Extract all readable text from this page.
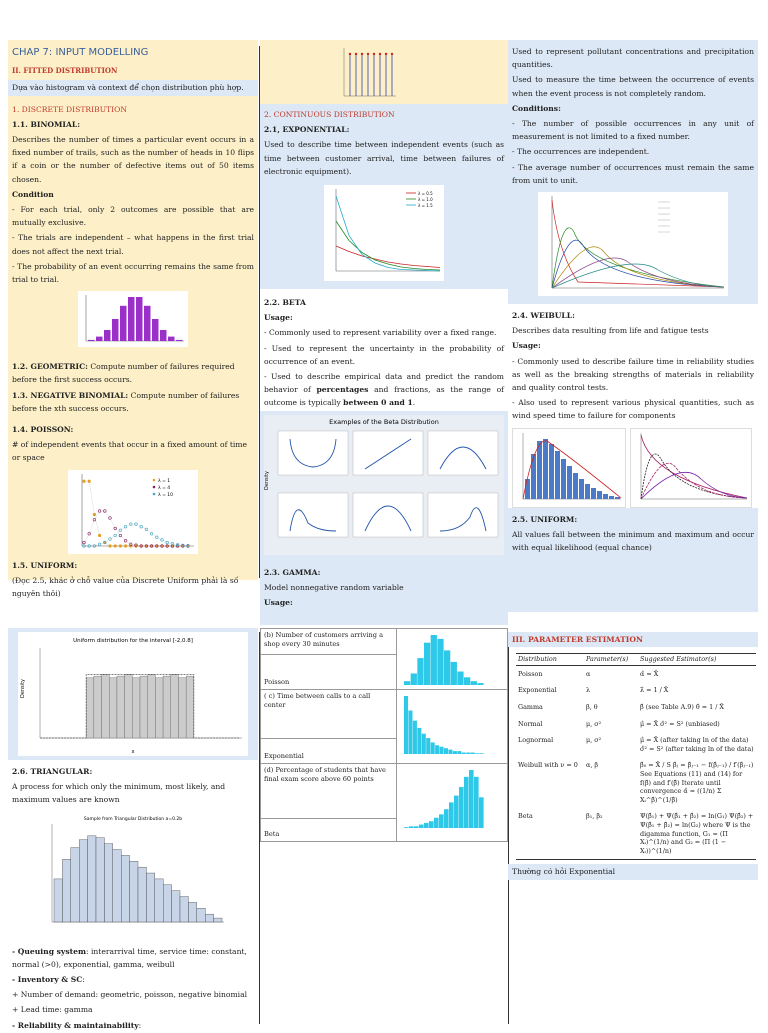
CHAP 7: INPUT MODELLING
II. FITTED DISTRIBUTION
Dựa vào histogram và context để chọn distribution phù hợp.
1. DISCRETE DISTRIBUTION
1.1. BINOMIAL:

Describes the number of times a particular event occurs in a fixed number of trails, such as the number of heads in 10 flips if a coin or the number of defective items out of 50 items chosen.

Condition

- For each trial, only 2 outcomes are possible that are mutually exclusive.

- The trials are independent – what happens in the first trial does not affect the next trial.

- The probability of an event occurring remains the same from trial to trial.

1.2. GEOMETRIC: Compute number of failures required before the first success occurs.
1.3. NEGATIVE BINOMIAL: Compute number of failures before the xth success occurs.
1.4. POISSON:

# of independent events that occur in a fixed amount of time or space

λ = 1
λ = 4
λ = 10
1.5. UNIFORM:

(Đọc 2.5, khác ở chỗ value của Discrete Uniform phải là số nguyên thôi)

2. CONTINUOUS DISTRIBUTION
2.1, EXPONENTIAL:

Used to describe time between independent events (such as time between customer arrival, time between failures of electronic equipment).

λ = 0.5
λ = 1.0
λ = 1.5
2.2. BETA
Usage:

- Commonly used to represent variability over a fixed range.

- Used to represent the uncertainty in the probability of occurrence of an event.

- Used to describe empirical data and predict the random behavior of percentages and fractions, as the range of outcome is typically between 0 and 1.

Examples of the Beta Distribution
Density
2.3. GAMMA:

Model nonnegative random variable

Usage:

Used to represent pollutant concentrations and precipitation quantities.

Used to measure the time between the occurrence of events when the event process is not completely random.

Conditions:

- The number of possible occurrences in any unit of measurement is not limited to a fixed number.

- The occurrences are independent.

- The average number of occurrences must remain the same from unit to unit.

2.4. WEIBULL:

Describes data resulting from life and fatigue tests

Usage:

- Commonly used to describe failure time in reliability studies as well as the breaking strengths of materials in reliability and quality control tests.

- Also used to represent various physical quantities, such as wind speed time to failure for components

2.5. UNIFORM:

All values fall between the minimum and maximum and occur with equal likelihood (equal chance)

Uniform distribution for the interval [-2,0.8]
Density
x
2.6. TRIANGULAR:

A process for which only the minimum, most likely, and maximum values are known

Sample from Triangular Distribution a=0.2b

- Queuing system: interarrival time, service time: constant, normal (>0), exponential, gamma, weibull

- Inventory & SC:

+ Number of demand: geometric, poisson, negative binomial

+ Lead time: gamma

- Reliability & maintainability:

(b) Number of customers arriving a shop every 30 minutes	

Poisson	
( c) Time between calls to a call center	

Exponential	
(d) Percentage of students that have final exam score above 60 points	

Beta	
III. PARAMETER ESTIMATION
Distribution	Parameter(s)	Suggested Estimator(s)
Poisson	α	α̂ = X̄
Exponential	λ	λ̂ = 1 / X̄
Gamma	β, θ	β̂ (see Table A.9) θ̂ = 1 / X̄
Normal	μ, σ²	μ̂ = X̄ σ̂² = S² (unbiased)
Lognormal	μ, σ²	μ̂ = X̄ (after taking ln of the data) σ̂² = S² (after taking ln of the data)
Weibull with ν = 0	α, β	β̂₀ = X̄ / S β̂ⱼ = β̂ⱼ₋₁ − f(β̂ⱼ₋₁) / f′(β̂ⱼ₋₁) See Equations (11) and (14) for f(β̂) and f′(β̂) Iterate until convergence α̂ = ((1/n) Σ Xᵢ^β̂)^(1/β̂)
Beta	β₁, β₂	Ψ(β̂₁) + Ψ(β̂₁ + β̂₂) = ln(G₁) Ψ(β̂₂) + Ψ(β̂₁ + β̂₂) = ln(G₂) where Ψ is the digamma function, G₁ = (Π Xᵢ)^(1/n) and G₂ = (Π (1 − Xᵢ))^(1/n)
Thường có hỏi Exponential
